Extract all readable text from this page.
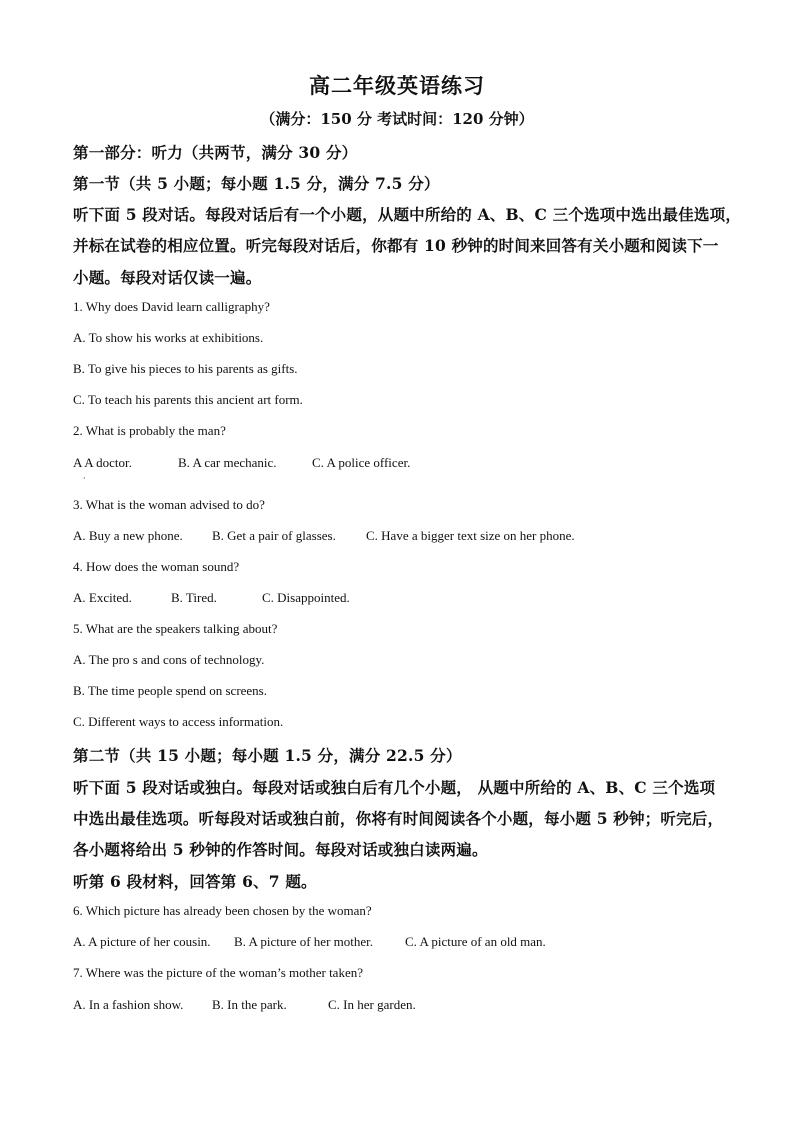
高二年级英语练习
（满分：150 分 考试时间：120 分钟）
第一部分：听力（共两节，满分 30 分）
第一节（共 5 小题；每小题 1.5 分，满分 7.5 分）
听下面 5 段对话。每段对话后有一个小题，从题中所给的 A、B、C 三个选项中选出最佳选项，
并标在试卷的相应位置。听完每段对话后，你都有 10 秒钟的时间来回答有关小题和阅读下一
小题。每段对话仅读一遍。
1. Why does David learn calligraphy?
A. To show his works at exhibitions.
B. To give his pieces to his parents as gifts.
C. To teach his parents this ancient art form.
2. What is probably the man?
A A doctor.	B. A car mechanic.	C. A police officer.
·
3. What is the woman advised to do?
A. Buy a new phone. B. Get a pair of glasses. C. Have a bigger text size on her phone.
4. How does the woman sound?
A. Excited.	B. Tired.	C. Disappointed.
5. What are the speakers talking about?
A. The pro s and cons of technology.
B. The time people spend on screens.
C. Different ways to access information.
第二节（共 15 小题；每小题 1.5 分，满分 22.5 分）
听下面 5 段对话或独白。每段对话或独白后有几个小题， 从题中所给的 A、B、C 三个选项
中选出最佳选项。听每段对话或独白前，你将有时间阅读各个小题，每小题 5 秒钟；听完后，
各小题将给出 5 秒钟的作答时间。每段对话或独白读两遍。
听第 6 段材料，回答第 6、7 题。
6. Which picture has already been chosen by the woman?
A. A picture of her cousin. B. A picture of her mother. C. A picture of an old man.
7. Where was the picture of the woman’s mother taken?
A. In a fashion show. B. In the park.	C. In her garden.
